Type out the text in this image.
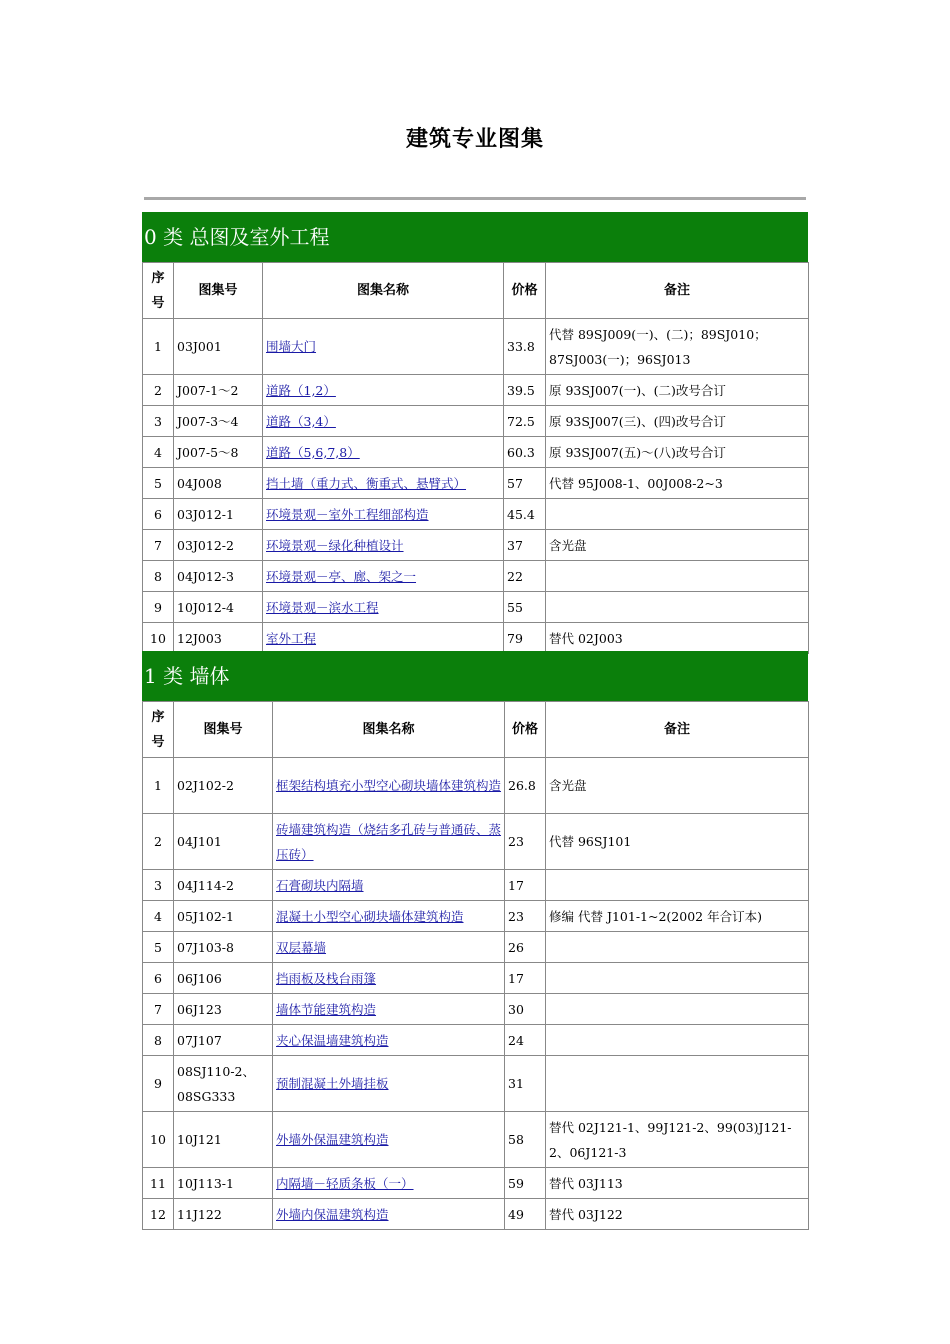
建筑专业图集
0 类 总图及室外工程
序号	图集号	图集名称	价格	备注
1	03J001	围墙大门	33.8	代替 89SJ009(一)、(二)；89SJ010；87SJ003(一)；96SJ013
2	J007-1～2	道路（1,2）	39.5	原 93SJ007(一)、(二)改号合订
3	J007-3～4	道路（3,4）	72.5	原 93SJ007(三)、(四)改号合订
4	J007-5～8	道路（5,6,7,8）	60.3	原 93SJ007(五)～(八)改号合订
5	04J008	挡土墙（重力式、衡重式、悬臂式）	57	代替 95J008-1、00J008-2~3
6	03J012-1	环境景观－室外工程细部构造	45.4	
7	03J012-2	环境景观－绿化种植设计	37	含光盘
8	04J012-3	环境景观－亭、廊、架之一	22	
9	10J012-4	环境景观－滨水工程	55	
10	12J003	室外工程	79	替代 02J003
1 类 墙体
序号	图集号	图集名称	价格	备注
1	02J102-2	框架结构填充小型空心砌块墙体建筑构造	26.8	含光盘
2	04J101	砖墙建筑构造（烧结多孔砖与普通砖、蒸压砖）	23	代替 96SJ101
3	04J114-2	石膏砌块内隔墙	17	
4	05J102-1	混凝土小型空心砌块墙体建筑构造	23	修编 代替 J101-1~2(2002 年合订本)
5	07J103-8	双层幕墙	26	
6	06J106	挡雨板及栈台雨篷	17	
7	06J123	墙体节能建筑构造	30	
8	07J107	夹心保温墙建筑构造	24	
9	08SJ110-2、08SG333	预制混凝土外墙挂板	31	
10	10J121	外墙外保温建筑构造	58	替代 02J121-1、99J121-2、99(03)J121-2、06J121-3
11	10J113-1	内隔墙－轻质条板（一）	59	替代 03J113
12	11J122	外墙内保温建筑构造	49	替代 03J122
